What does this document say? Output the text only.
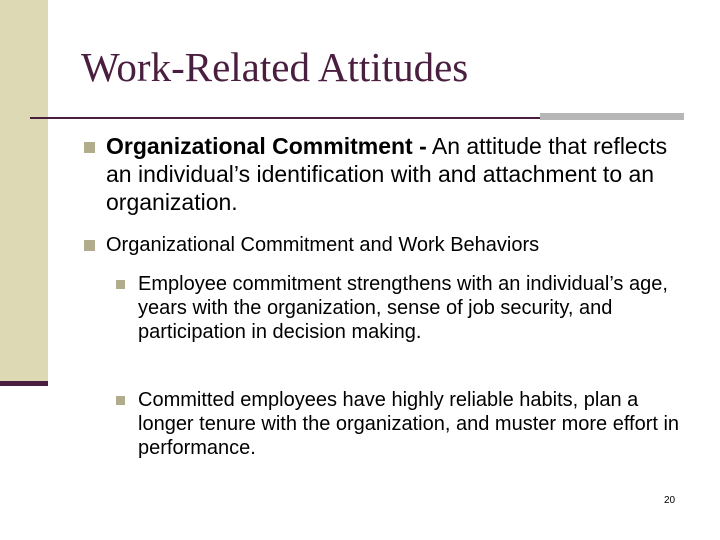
Work-Related Attitudes
Organizational Commitment - An attitude that reflects an individual’s identification with and attachment to an organization.
Organizational Commitment and Work Behaviors
Employee commitment strengthens with an individual’s age, years with the organization, sense of job security, and participation in decision making.
Committed employees have highly reliable habits, plan a longer tenure with the organization, and muster more effort in performance.
20
